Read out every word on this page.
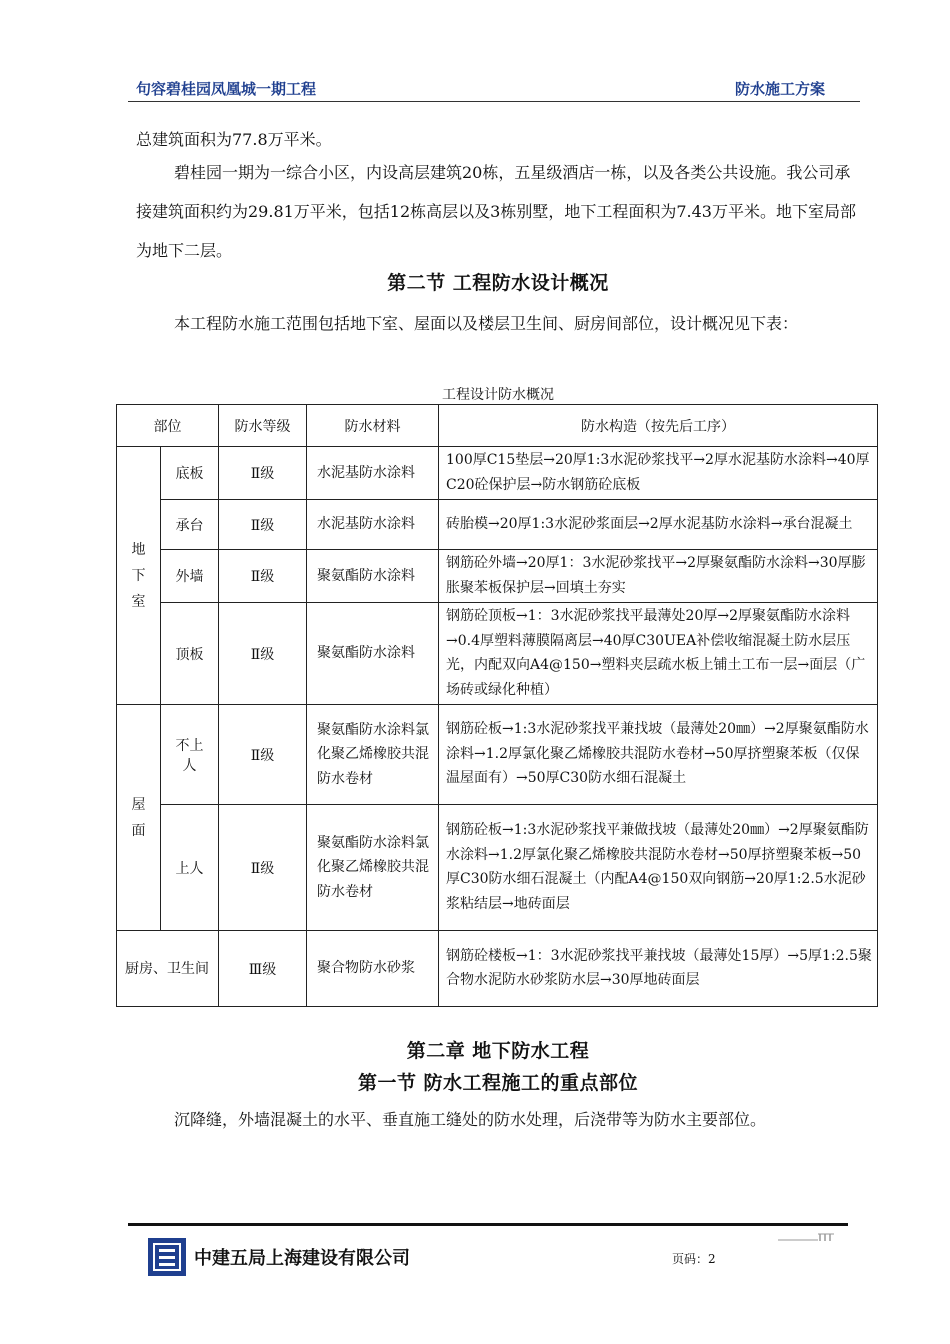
句容碧桂园凤凰城一期工程	防水施工方案

总建筑面积为77.8万平米。

碧桂园一期为一综合小区，内设高层建筑20栋，五星级酒店一栋，以及各类公共设施。我公司承接建筑面积约为29.81万平米，包括12栋高层以及3栋别墅，地下工程面积为7.43万平米。地下室局部为地下二层。

第二节 工程防水设计概况

本工程防水施工范围包括地下室、屋面以及楼层卫生间、厨房间部位，设计概况见下表：

工程设计防水概况
部位		防水等级	防水材料	防水构造（按先后工序）
地下室	底板	Ⅱ级	水泥基防水涂料	100厚C15垫层→20厚1:3水泥砂浆找平→2厚水泥基防水涂料→40厚C20砼保护层→防水钢筋砼底板
	承台	Ⅱ级	水泥基防水涂料	砖胎模→20厚1:3水泥砂浆面层→2厚水泥基防水涂料→承台混凝土
	外墙	Ⅱ级	聚氨酯防水涂料	钢筋砼外墙→20厚1：3水泥砂浆找平→2厚聚氨酯防水涂料→30厚膨胀聚苯板保护层→回填土夯实
	顶板	Ⅱ级	聚氨酯防水涂料	钢筋砼顶板→1：3水泥砂浆找平最薄处20厚→2厚聚氨酯防水涂料→0.4厚塑料薄膜隔离层→40厚C30UEA补偿收缩混凝土防水层压光，内配双向A4@150→塑料夹层疏水板上铺土工布一层→面层（广场砖或绿化种植）
屋面	不上人	Ⅱ级	聚氨酯防水涂料氯化聚乙烯橡胶共混防水卷材	钢筋砼板→1:3水泥砂浆找平兼找坡（最薄处20㎜）→2厚聚氨酯防水涂料→1.2厚氯化聚乙烯橡胶共混防水卷材→50厚挤塑聚苯板（仅保温屋面有）→50厚C30防水细石混凝土
	上人	Ⅱ级	聚氨酯防水涂料氯化聚乙烯橡胶共混防水卷材	钢筋砼板→1:3水泥砂浆找平兼做找坡（最薄处20㎜）→2厚聚氨酯防水涂料→1.2厚氯化聚乙烯橡胶共混防水卷材→50厚挤塑聚苯板→50厚C30防水细石混凝土（内配A4@150双向钢筋→20厚1:2.5水泥砂浆粘结层→地砖面层
厨房、卫生间		Ⅲ级	聚合物防水砂浆	钢筋砼楼板→1：3水泥砂浆找平兼找坡（最薄处15厚）→5厚1:2.5聚合物水泥防水砂浆防水层→30厚地砖面层
第二章 地下防水工程
第一节 防水工程施工的重点部位

沉降缝，外墙混凝土的水平、垂直施工缝处的防水处理，后浇带等为防水主要部位。

中建五局上海建设有限公司	页码：2
